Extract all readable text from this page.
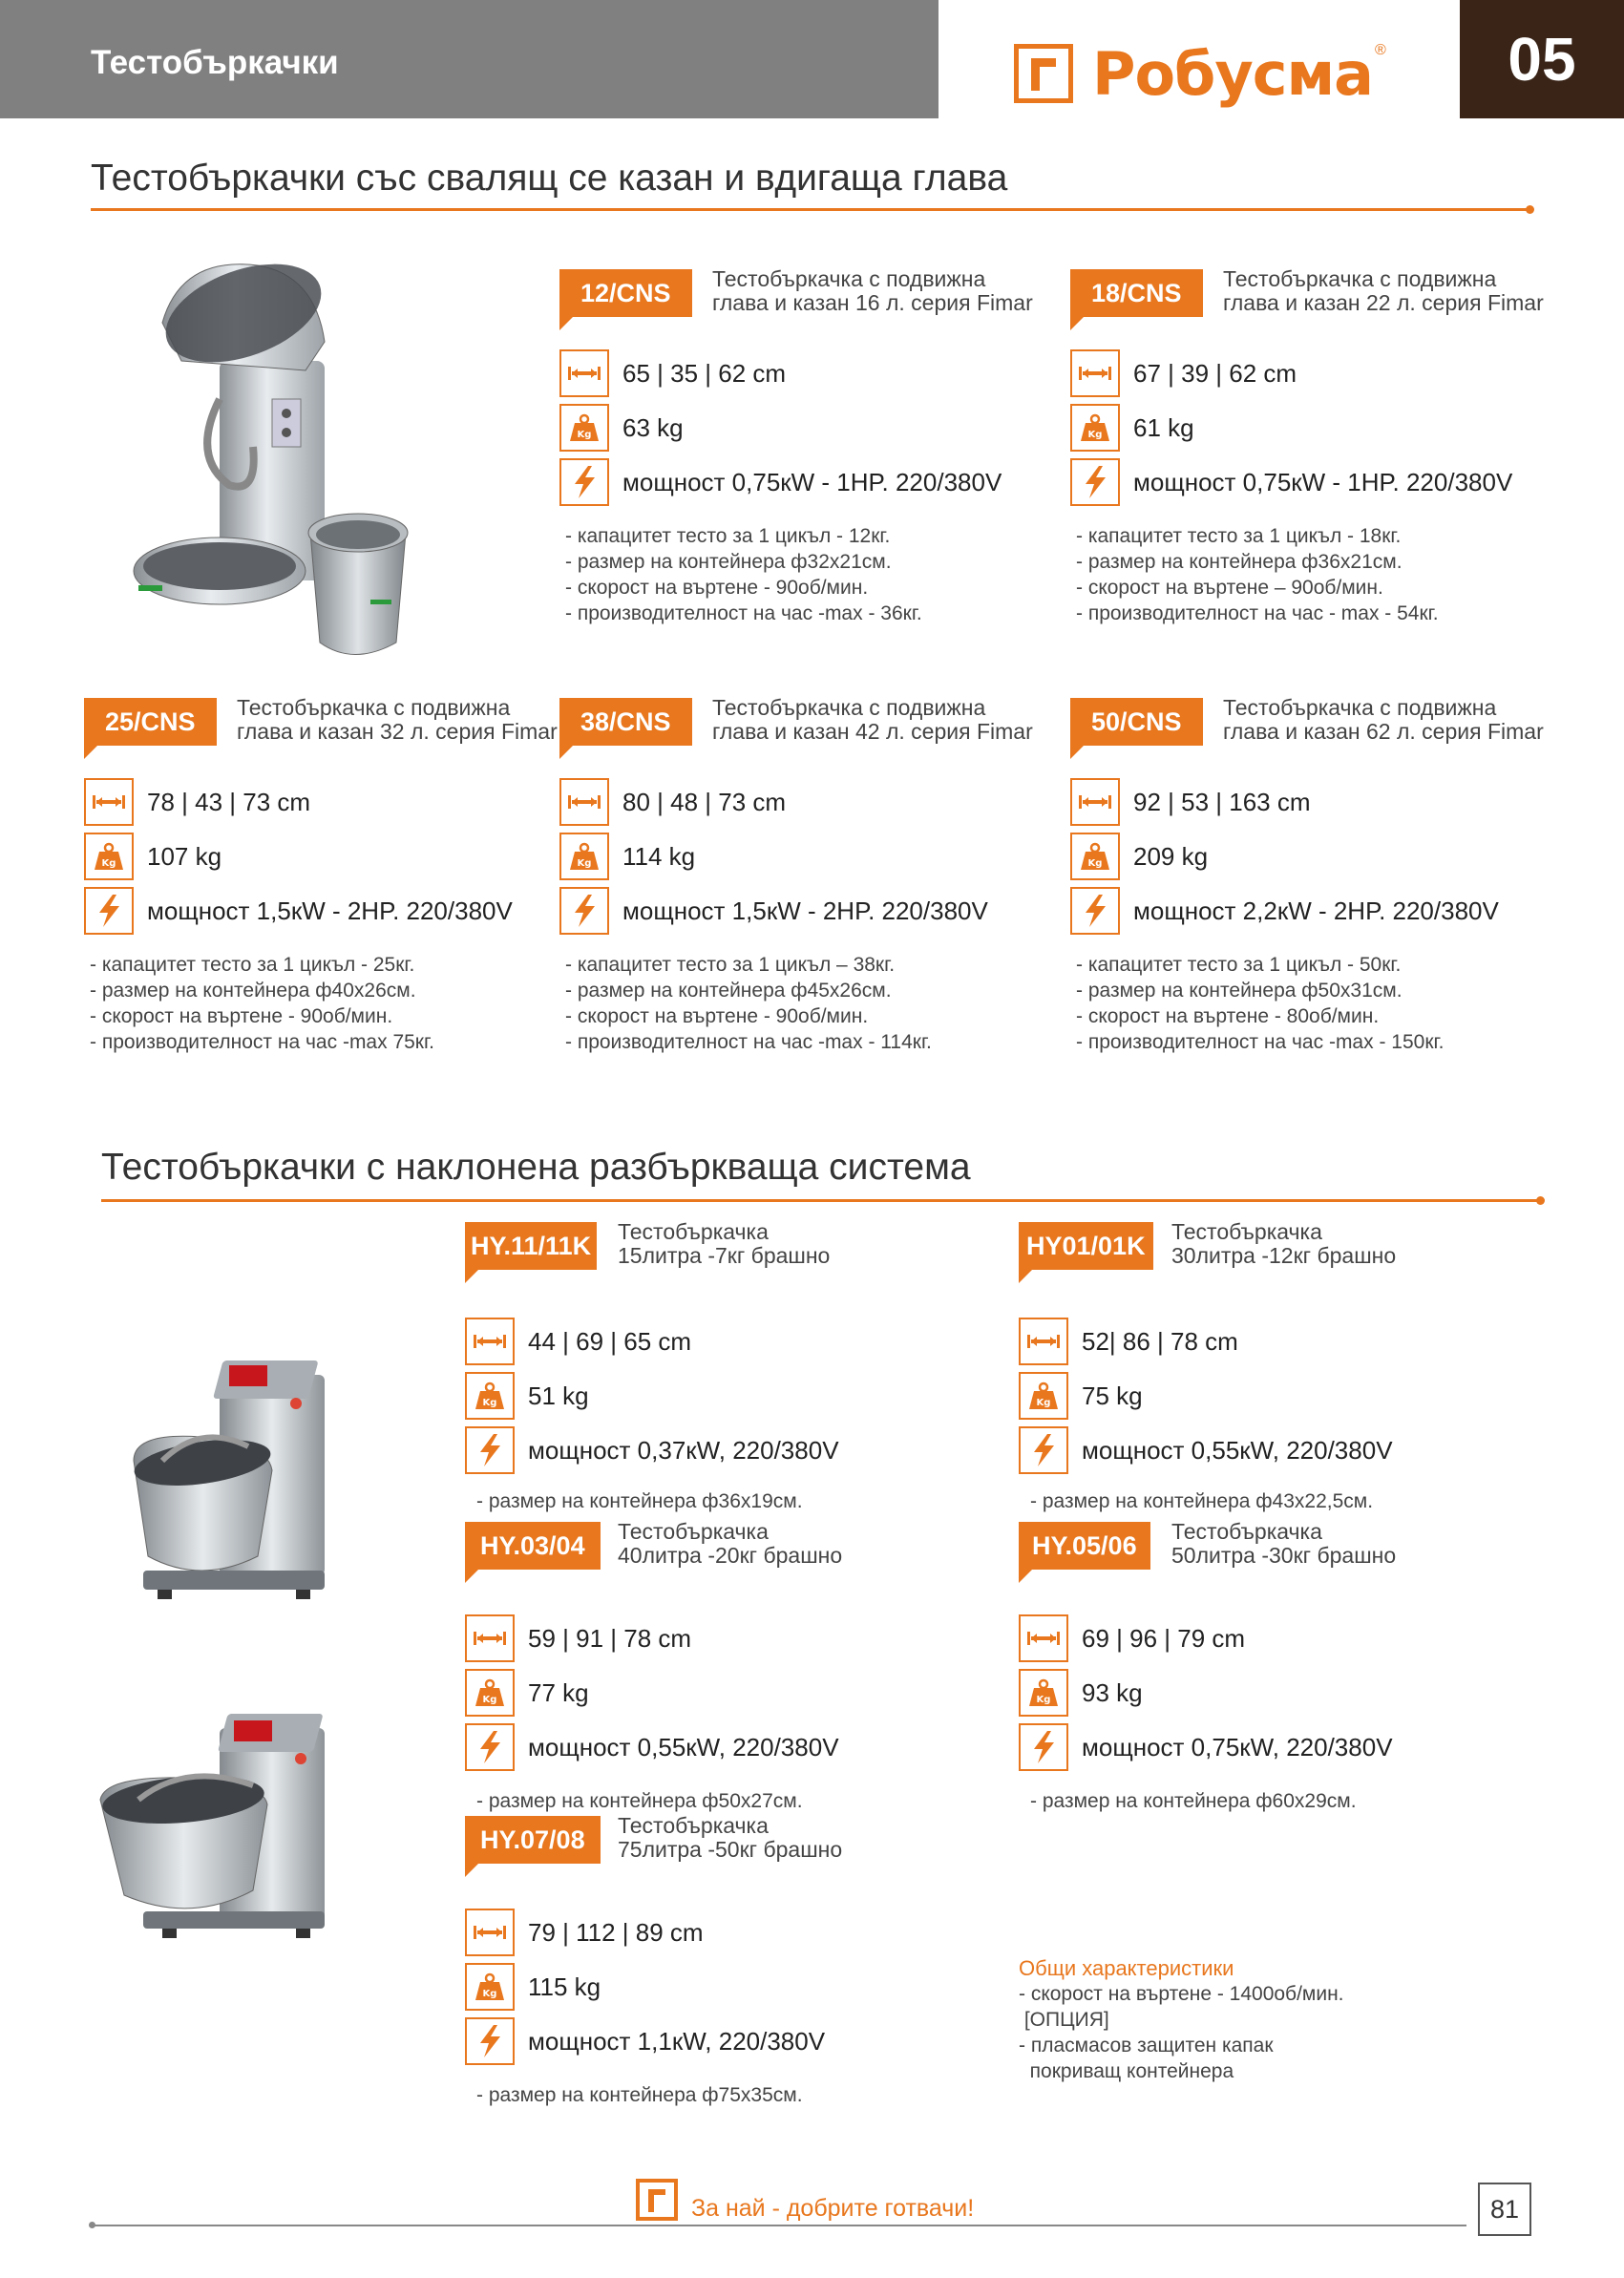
Тестобъркачки	Робусма ®	05
Тестобъркачки със свалящ се казан и вдигаща глава
12/CNS	Тестобъркачка с подвижна
глава и казан 16 л. серия Fimar
65 | 35 | 62 cm
Kg 63 kg
мощност 0,75кW - 1HP. 220/380V
- капацитет тесто за 1 цикъл - 12кг.
- размер на контейнера ф32х21см.
- скорост на въртене - 90об/мин.
- производителност на час -max - 36кг.
18/CNS	Тестобъркачка с подвижна
глава и казан 22 л. серия Fimar
67 | 39 | 62 cm
Kg 61 kg
мощност 0,75кW - 1HP. 220/380V
- капацитет тесто за 1 цикъл - 18кг.
- размер на контейнера ф36х21см.
- скорост на въртене – 90об/мин.
- производителност на час - max - 54кг.
25/CNS	Тестобъркачка с подвижна
глава и казан 32 л. серия Fimar
78 | 43 | 73 cm
Kg 107 kg
мощност 1,5кW - 2HP. 220/380V
- капацитет тесто за 1 цикъл - 25кг.
- размер на контейнера ф40х26см.
- скорост на въртене - 90об/мин.
- производителност на час -max 75кг.
38/CNS	Тестобъркачка с подвижна
глава и казан 42 л. серия Fimar
80 | 48 | 73 cm
Kg 114 kg
мощност 1,5кW - 2HP. 220/380V
- капацитет тесто за 1 цикъл – 38кг.
- размер на контейнера ф45х26см.
- скорост на въртене - 90об/мин.
- производителност на час -max - 114кг.
50/CNS	Тестобъркачка с подвижна
глава и казан 62 л. серия Fimar
92 | 53 | 163 cm
Kg 209 kg
мощност 2,2кW - 2HP. 220/380V
- капацитет тесто за 1 цикъл - 50кг.
- размер на контейнера ф50х31см.
- скорост на въртене - 80об/мин.
- производителност на час -max - 150кг.
Тестобъркачки с наклонена разбъркваща система
HY.11/11K Тестобъркачка
15литра -7кг брашно
44 | 69 | 65 cm
Kg 51 kg
мощност 0,37кW, 220/380V
- размер на контейнера ф36х19см.
HY01/01K	Тестобъркачка
30литра -12кг брашно
52| 86 | 78 cm
Kg 75 kg
мощност 0,55кW, 220/380V
- размер на контейнера ф43х22,5см.
HY.03/04	Тестобъркачка
40литра -20кг брашно
59 | 91 | 78 cm
Kg 77 kg
мощност 0,55кW, 220/380V
- размер на контейнера ф50х27см.
HY.05/06	Тестобъркачка
50литра -30кг брашно
69 | 96 | 79 cm
Kg 93 kg
мощност 0,75кW, 220/380V
- размер на контейнера ф60х29см.
HY.07/08	Тестобъркачка
75литра -50кг брашно
79 | 112 | 89 cm
Kg 115 kg
мощност 1,1кW, 220/380V
- размер на контейнера ф75х35см.
Общи характеристики
- скорост на въртене - 1400об/мин.
[ОПЦИЯ]
- пласмасов защитен капак
покриващ контейнера
За най - добрите готвачи!	81
